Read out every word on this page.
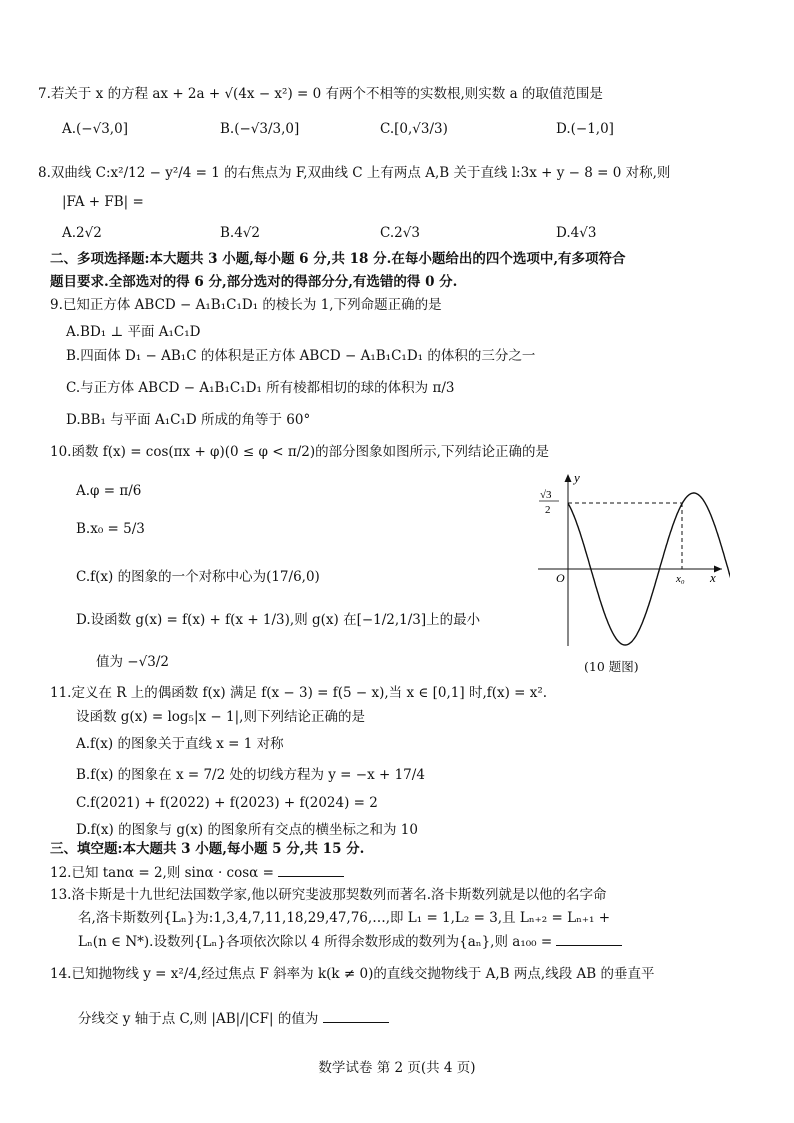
7.若关于 x 的方程 ax + 2a + √(4x − x²) = 0 有两个不相等的实数根,则实数 a 的取值范围是
A.(−√3,0]	B.(−√3/3,0]	C.[0,√3/3)	D.(−1,0]
8.双曲线 C:x²/12 − y²/4 = 1 的右焦点为 F,双曲线 C 上有两点 A,B 关于直线 l:3x + y − 8 = 0 对称,则
|FA + FB| =
A.2√2	B.4√2	C.2√3	D.4√3
二、多项选择题:本大题共 3 小题,每小题 6 分,共 18 分.在每小题给出的四个选项中,有多项符合
题目要求.全部选对的得 6 分,部分选对的得部分分,有选错的得 0 分.
9.已知正方体 ABCD − A₁B₁C₁D₁ 的棱长为 1,下列命题正确的是
A.BD₁ ⊥ 平面 A₁C₁D
B.四面体 D₁ − AB₁C 的体积是正方体 ABCD − A₁B₁C₁D₁ 的体积的三分之一
C.与正方体 ABCD − A₁B₁C₁D₁ 所有棱都相切的球的体积为 π/3
D.BB₁ 与平面 A₁C₁D 所成的角等于 60°
10.函数 f(x) = cos(πx + φ)(0 ≤ φ < π/2)的部分图象如图所示,下列结论正确的是
A.φ = π/6
B.x₀ = 5/3
C.f(x) 的图象的一个对称中心为(17/6,0)
D.设函数 g(x) = f(x) + f(x + 1/3),则 g(x) 在[−1/2,1/3]上的最小
值为 −√3/2
y
x
O	x₀
√3
2
(10 题图)
11.定义在 R 上的偶函数 f(x) 满足 f(x − 3) = f(5 − x),当 x ∈ [0,1] 时,f(x) = x².
设函数 g(x) = log₅|x − 1|,则下列结论正确的是
A.f(x) 的图象关于直线 x = 1 对称
B.f(x) 的图象在 x = 7/2 处的切线方程为 y = −x + 17/4
C.f(2021) + f(2022) + f(2023) + f(2024) = 2
D.f(x) 的图象与 g(x) 的图象所有交点的横坐标之和为 10
三、填空题:本大题共 3 小题,每小题 5 分,共 15 分.
12.已知 tanα = 2,则 sinα · cosα =
13.洛卡斯是十九世纪法国数学家,他以研究斐波那契数列而著名.洛卡斯数列就是以他的名字命
名,洛卡斯数列{Lₙ}为:1,3,4,7,11,18,29,47,76,…,即 L₁ = 1,L₂ = 3,且 Lₙ₊₂ = Lₙ₊₁ +
Lₙ(n ∈ N*).设数列{Lₙ}各项依次除以 4 所得余数形成的数列为{aₙ},则 a₁₀₀ =
14.已知抛物线 y = x²/4,经过焦点 F 斜率为 k(k ≠ 0)的直线交抛物线于 A,B 两点,线段 AB 的垂直平
分线交 y 轴于点 C,则 |AB|/|CF| 的值为
数学试卷 第 2 页(共 4 页)
